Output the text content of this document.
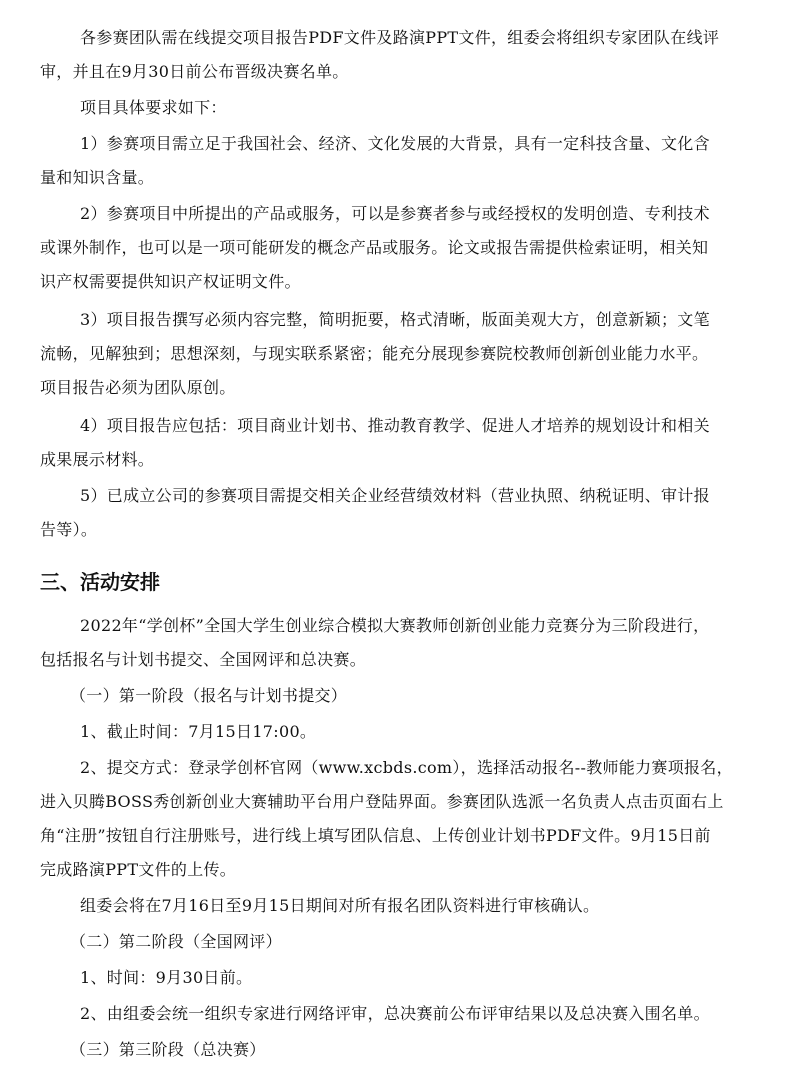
各参赛团队需在线提交项目报告PDF文件及路演PPT文件，组委会将组织专家团队在线评
审，并且在9月30日前公布晋级决赛名单。
项目具体要求如下：
1）参赛项目需立足于我国社会、经济、文化发展的大背景，具有一定科技含量、文化含
量和知识含量。
2）参赛项目中所提出的产品或服务，可以是参赛者参与或经授权的发明创造、专利技术
或课外制作，也可以是一项可能研发的概念产品或服务。论文或报告需提供检索证明，相关知
识产权需要提供知识产权证明文件。
3）项目报告撰写必须内容完整，简明扼要，格式清晰，版面美观大方，创意新颖；文笔
流畅，见解独到；思想深刻，与现实联系紧密；能充分展现参赛院校教师创新创业能力水平。
项目报告必须为团队原创。
4）项目报告应包括：项目商业计划书、推动教育教学、促进人才培养的规划设计和相关
成果展示材料。
5）已成立公司的参赛项目需提交相关企业经营绩效材料（营业执照、纳税证明、审计报
告等）。
三、活动安排
2022年“学创杯”全国大学生创业综合模拟大赛教师创新创业能力竞赛分为三阶段进行，
包括报名与计划书提交、全国网评和总决赛。
（一）第一阶段（报名与计划书提交）
1、截止时间：7月15日17:00。
2、提交方式：登录学创杯官网（www.xcbds.com），选择活动报名--教师能力赛项报名，
进入贝腾BOSS秀创新创业大赛辅助平台用户登陆界面。参赛团队选派一名负责人点击页面右上
角“注册”按钮自行注册账号，进行线上填写团队信息、上传创业计划书PDF文件。9月15日前
完成路演PPT文件的上传。
组委会将在7月16日至9月15日期间对所有报名团队资料进行审核确认。
（二）第二阶段（全国网评）
1、时间：9月30日前。
2、由组委会统一组织专家进行网络评审，总决赛前公布评审结果以及总决赛入围名单。
（三）第三阶段（总决赛）
